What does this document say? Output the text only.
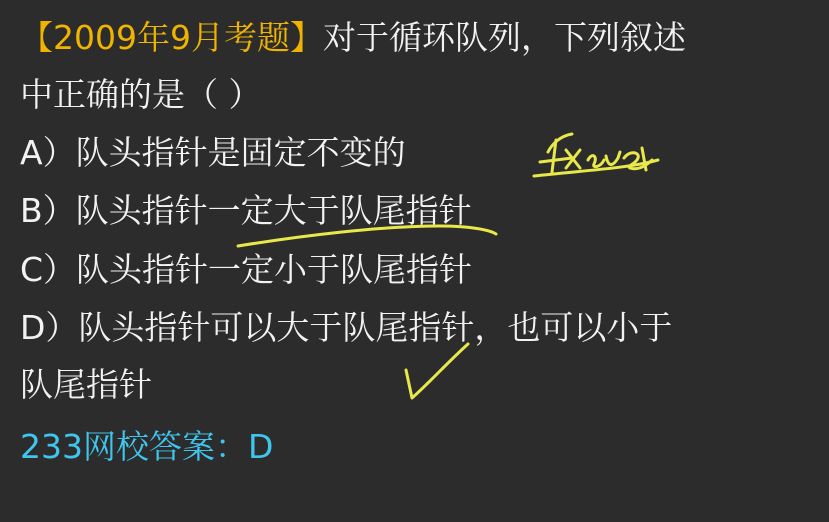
【2009年9月考题】对于循环队列，下列叙述
中正确的是（ ）
A）队头指针是固定不变的
B）队头指针一定大于队尾指针
C）队头指针一定小于队尾指针
D）队头指针可以大于队尾指针，也可以小于
队尾指针
233网校答案：D
